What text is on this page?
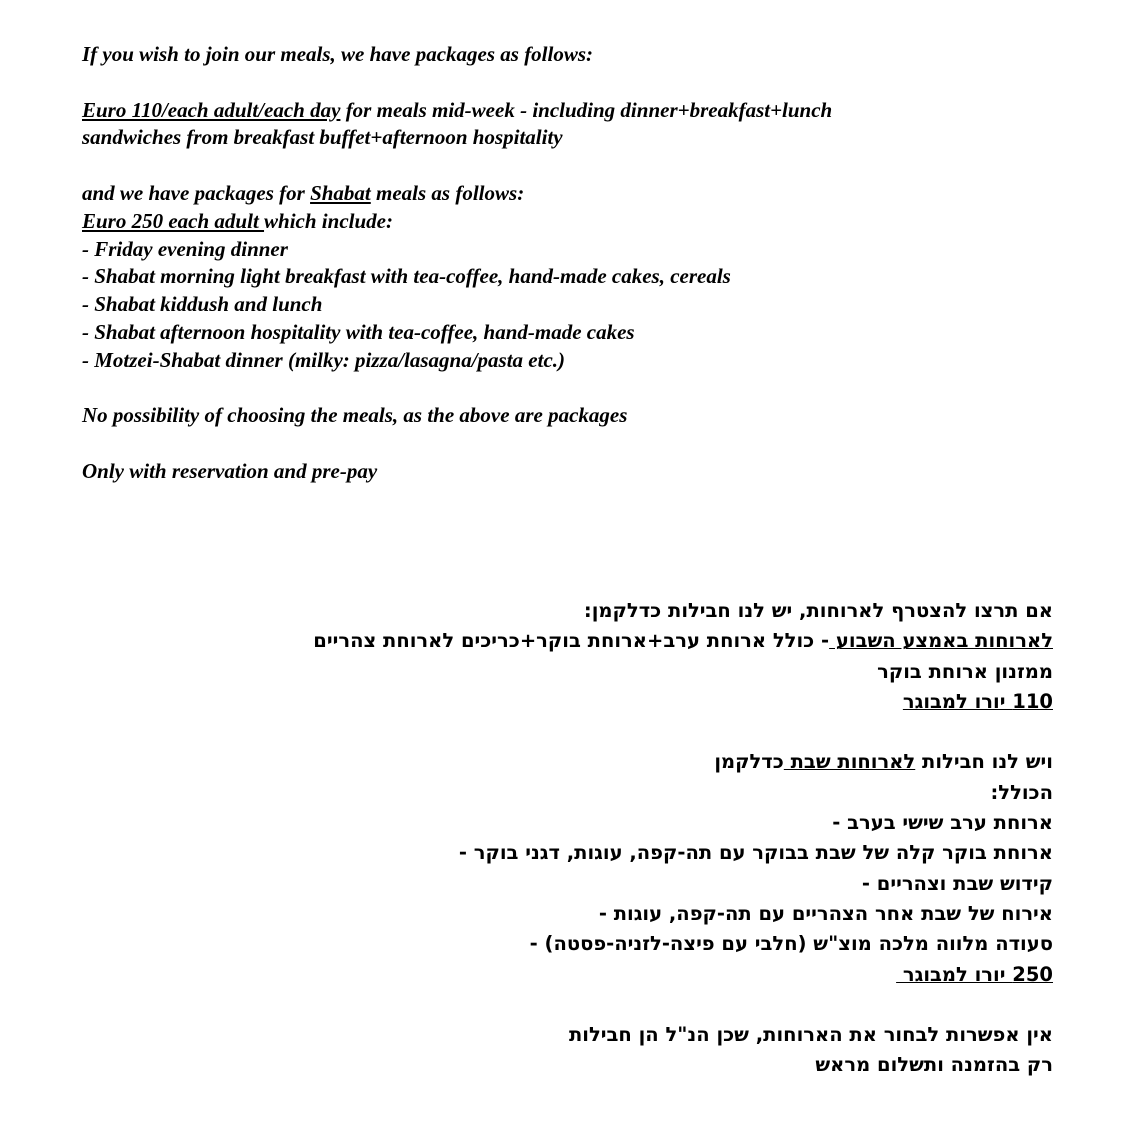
If you wish to join our meals, we have packages as follows:

Euro 110/each adult/each day for meals mid-week - including dinner+breakfast+lunch

sandwiches from breakfast buffet+afternoon hospitality

and we have packages for Shabat meals as follows:

Euro 250 each adult which include:

- Friday evening dinner

- Shabat morning light breakfast with tea-coffee, hand-made cakes, cereals

- Shabat kiddush and lunch

- Shabat afternoon hospitality with tea-coffee, hand-made cakes

- Motzei-Shabat dinner (milky: pizza/lasagna/pasta etc.)

No possibility of choosing the meals, as the above are packages

Only with reservation and pre-pay

:אם תרצו להצטרף לארוחות, יש לנו חבילות כדלקמן

לארוחות באמצע השבוע - כולל ארוחת ערב+ארוחת בוקר+כריכים לארוחת צהריים

ממזנון ארוחת בוקר

110 יורו למבוגר

ויש לנו חבילות לארוחות שבת כדלקמן

הכולל:

ארוחת ערב שישי בערב -

ארוחת בוקר קלה של שבת בבוקר עם תה-קפה, עוגות, דגני בוקר -

קידוש שבת וצהריים -

אירוח של שבת אחר הצהריים עם תה-קפה, עוגות -

סעודה מלווה מלכה מוצ"ש (חלבי עם פיצה-לזניה-פסטה) -

250 יורו למבוגר

אין אפשרות לבחור את הארוחות, שכן הנ"ל הן חבילות

רק בהזמנה ותשלום מראש
